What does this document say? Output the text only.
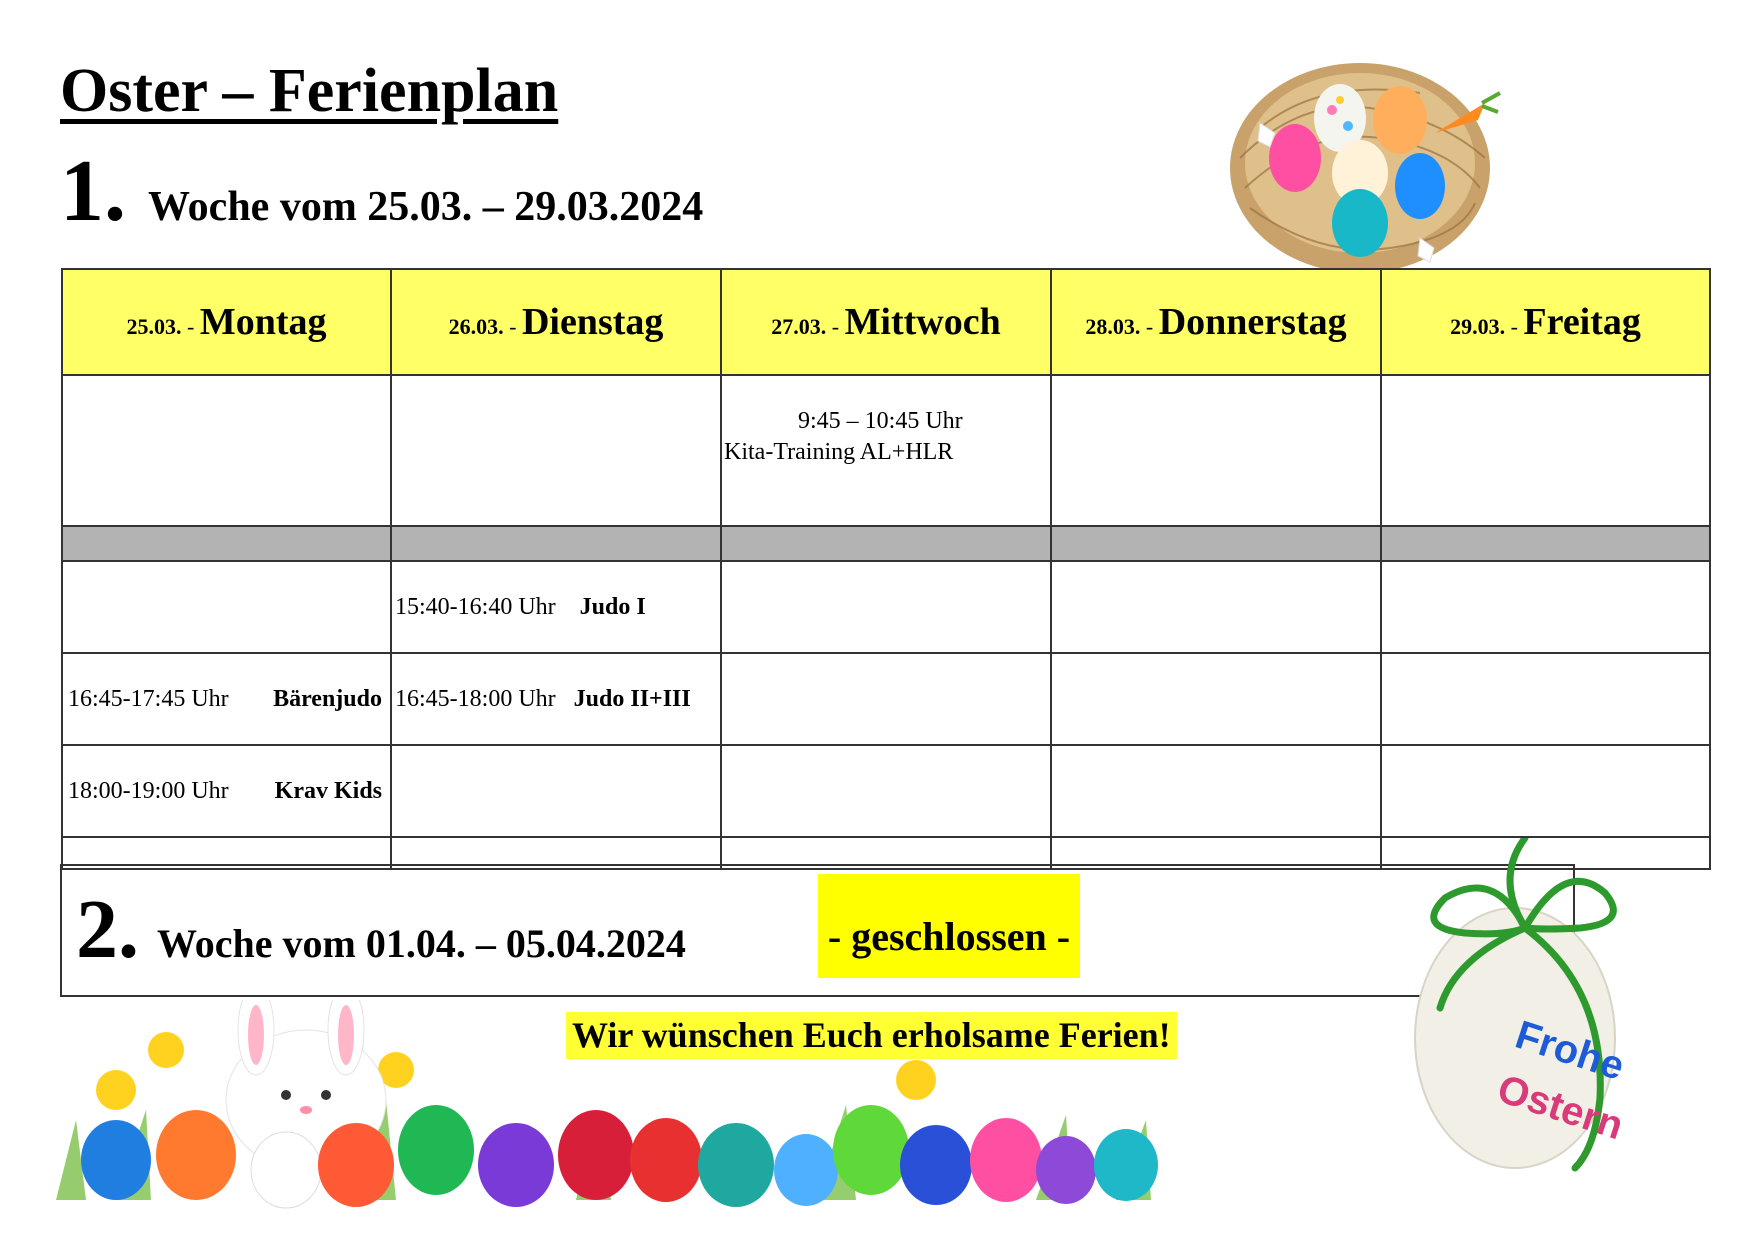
Oster – Ferienplan
1. Woche vom 25.03. – 29.03.2024
25.03. - Montag	26.03. - Dienstag	27.03. - Mittwoch	28.03. - Donnerstag	29.03. - Freitag

		9:45 – 10:45 Uhr
Kita-Training AL+HLR		

	15:40-16:40 Uhr Judo I			

16:45-17:45 Uhr Bärenjudo	16:45-18:00 Uhr Judo II+III			

18:00-19:00 Uhr Krav Kids				

- geschlossen -
2. Woche vom 01.04. – 05.04.2024
Wir wünschen Euch erholsame Ferien!	Frohe
Ostern
